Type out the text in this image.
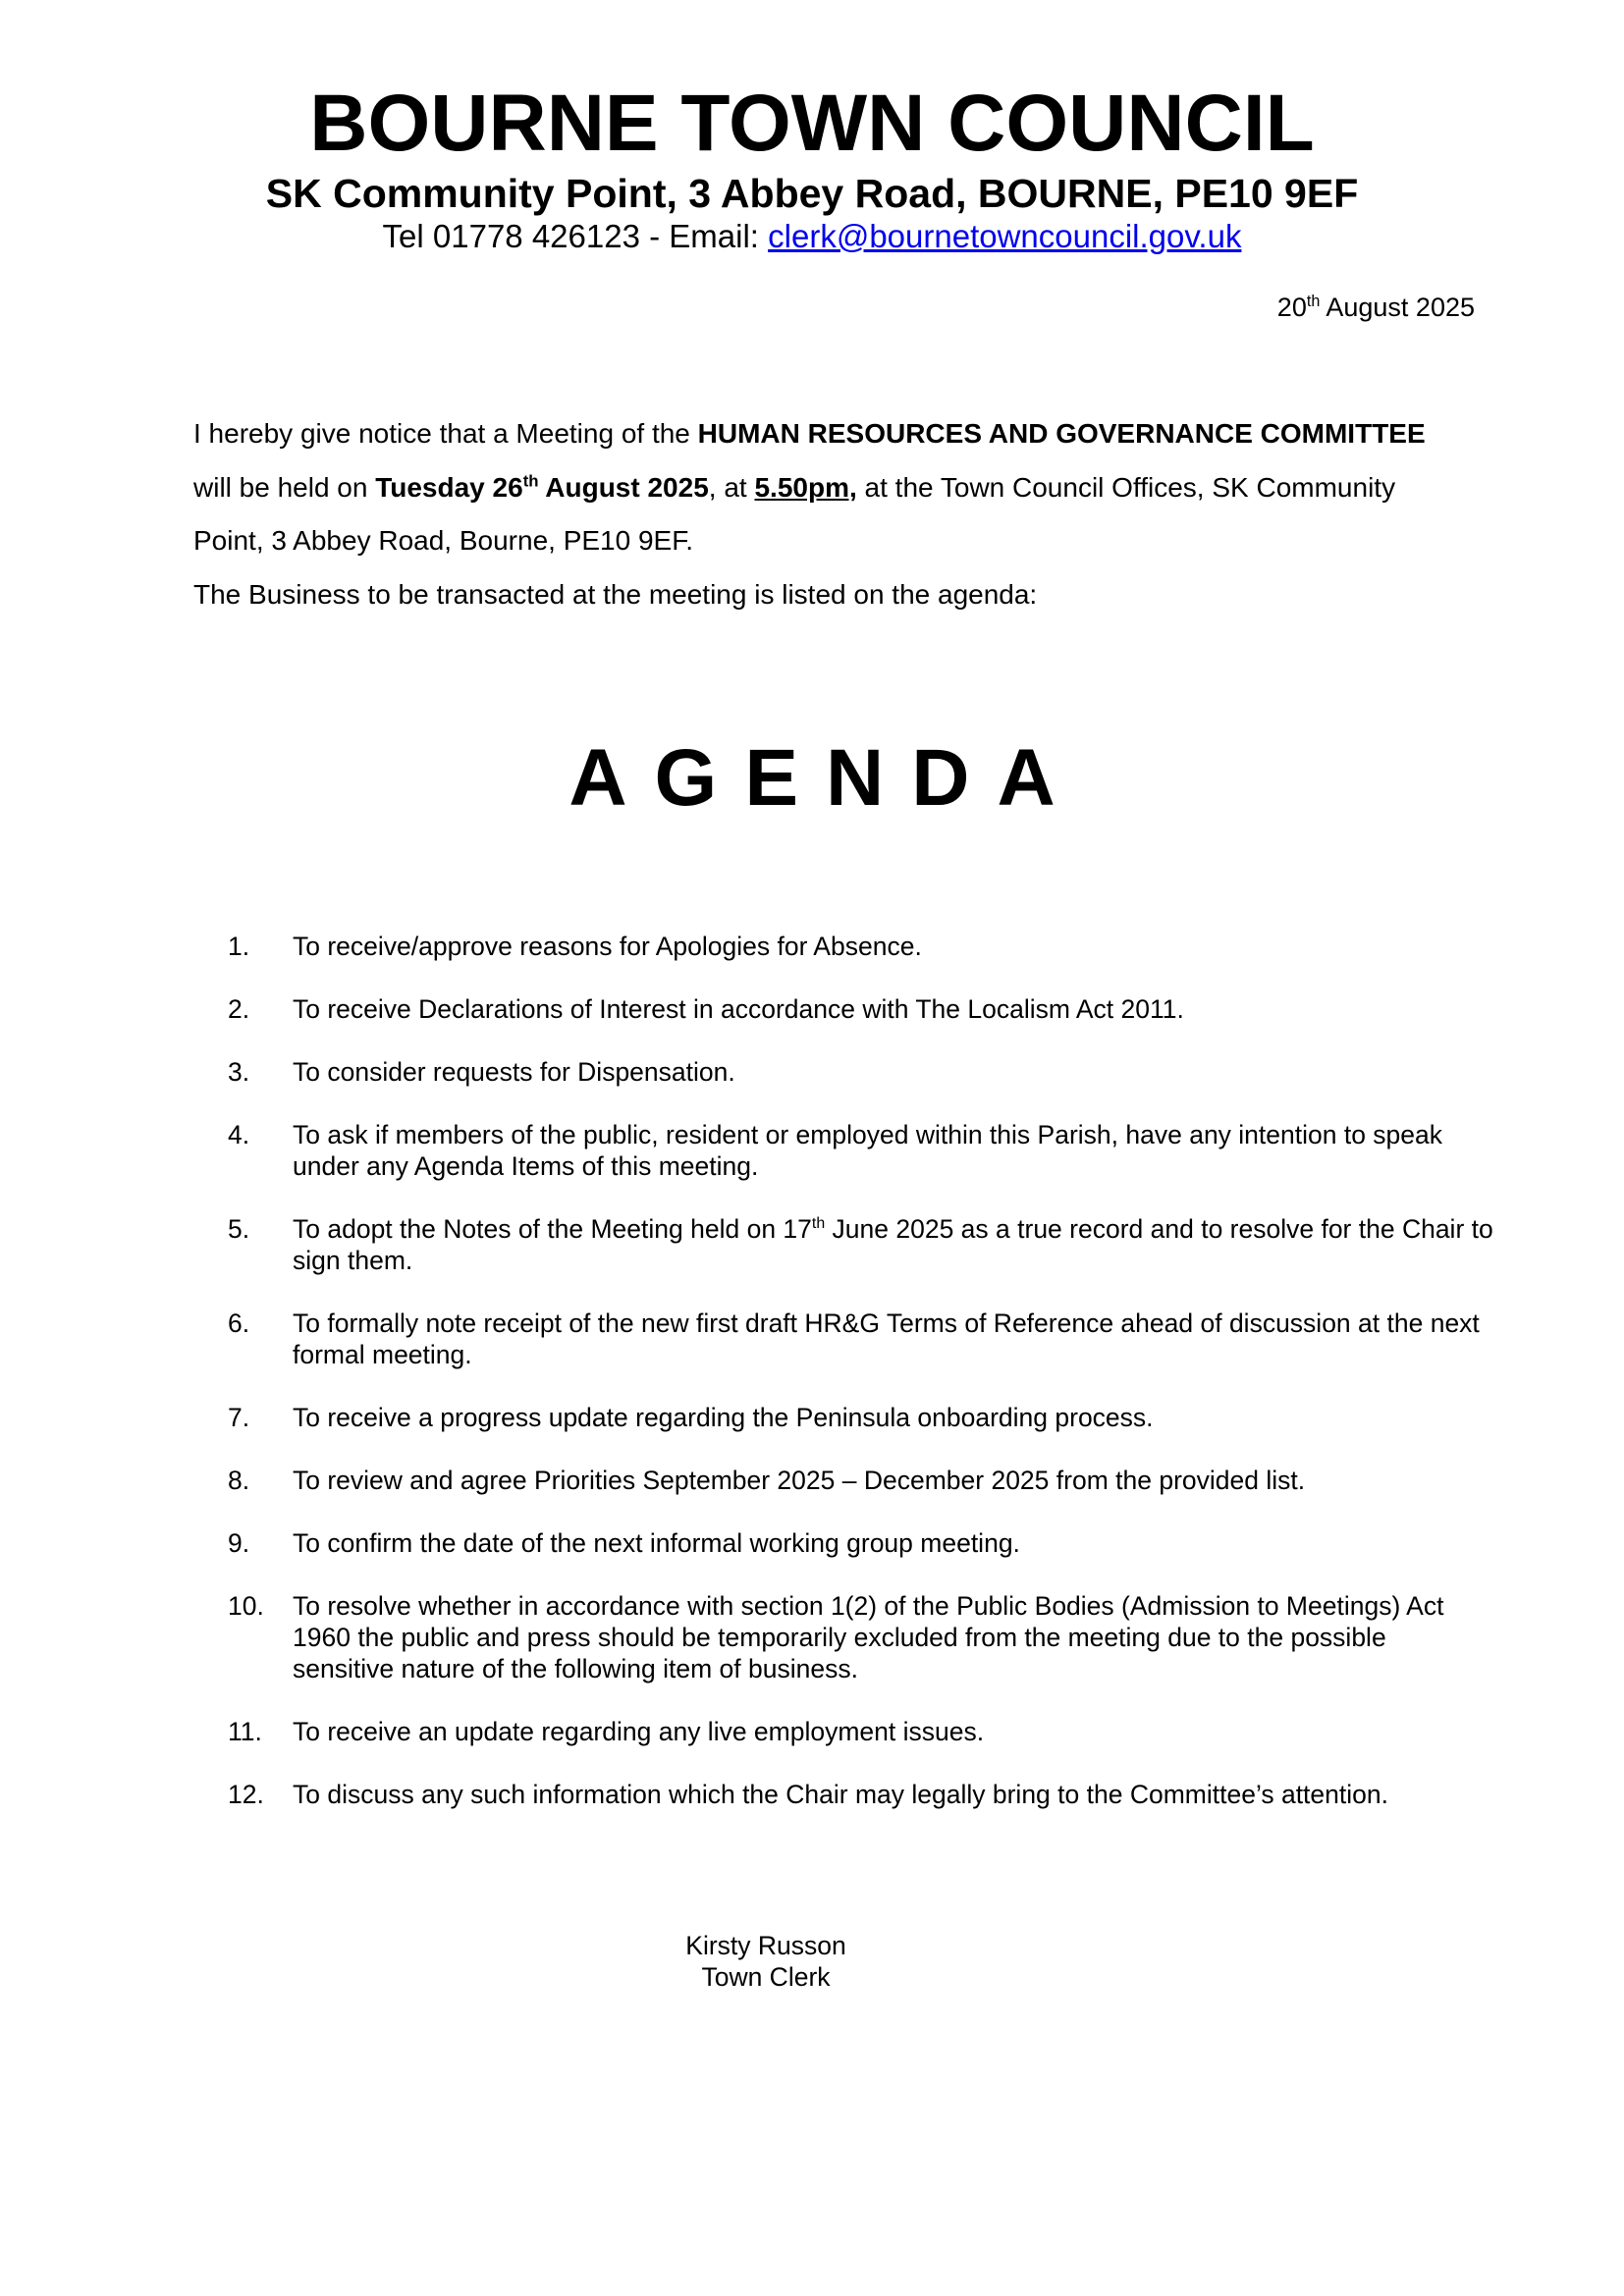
BOURNE TOWN COUNCIL
SK Community Point, 3 Abbey Road, BOURNE, PE10 9EF
Tel 01778 426123 - Email: clerk@bournetowncouncil.gov.uk
20th August 2025

I hereby give notice that a Meeting of the HUMAN RESOURCES AND GOVERNANCE COMMITTEE will be held on Tuesday 26th August 2025, at 5.50pm, at the Town Council Offices, SK Community Point, 3 Abbey Road, Bourne, PE10 9EF.

The Business to be transacted at the meeting is listed on the agenda:

AGENDA
1.	To receive/approve reasons for Apologies for Absence.
2.	To receive Declarations of Interest in accordance with The Localism Act 2011.
3.	To consider requests for Dispensation.
4.	To ask if members of the public, resident or employed within this Parish, have any intention to speak under any Agenda Items of this meeting.
5.	To adopt the Notes of the Meeting held on 17th June 2025 as a true record and to resolve for the Chair to sign them.
6.	To formally note receipt of the new first draft HR&G Terms of Reference ahead of discussion at the next formal meeting.
7.	To receive a progress update regarding the Peninsula onboarding process.
8.	To review and agree Priorities September 2025 – December 2025 from the provided list.
9.	To confirm the date of the next informal working group meeting.
10.	To resolve whether in accordance with section 1(2) of the Public Bodies (Admission to Meetings) Act 1960 the public and press should be temporarily excluded from the meeting due to the possible sensitive nature of the following item of business.
11.	To receive an update regarding any live employment issues.
12.	To discuss any such information which the Chair may legally bring to the Committee’s attention.
Kirsty Russon
Town Clerk
